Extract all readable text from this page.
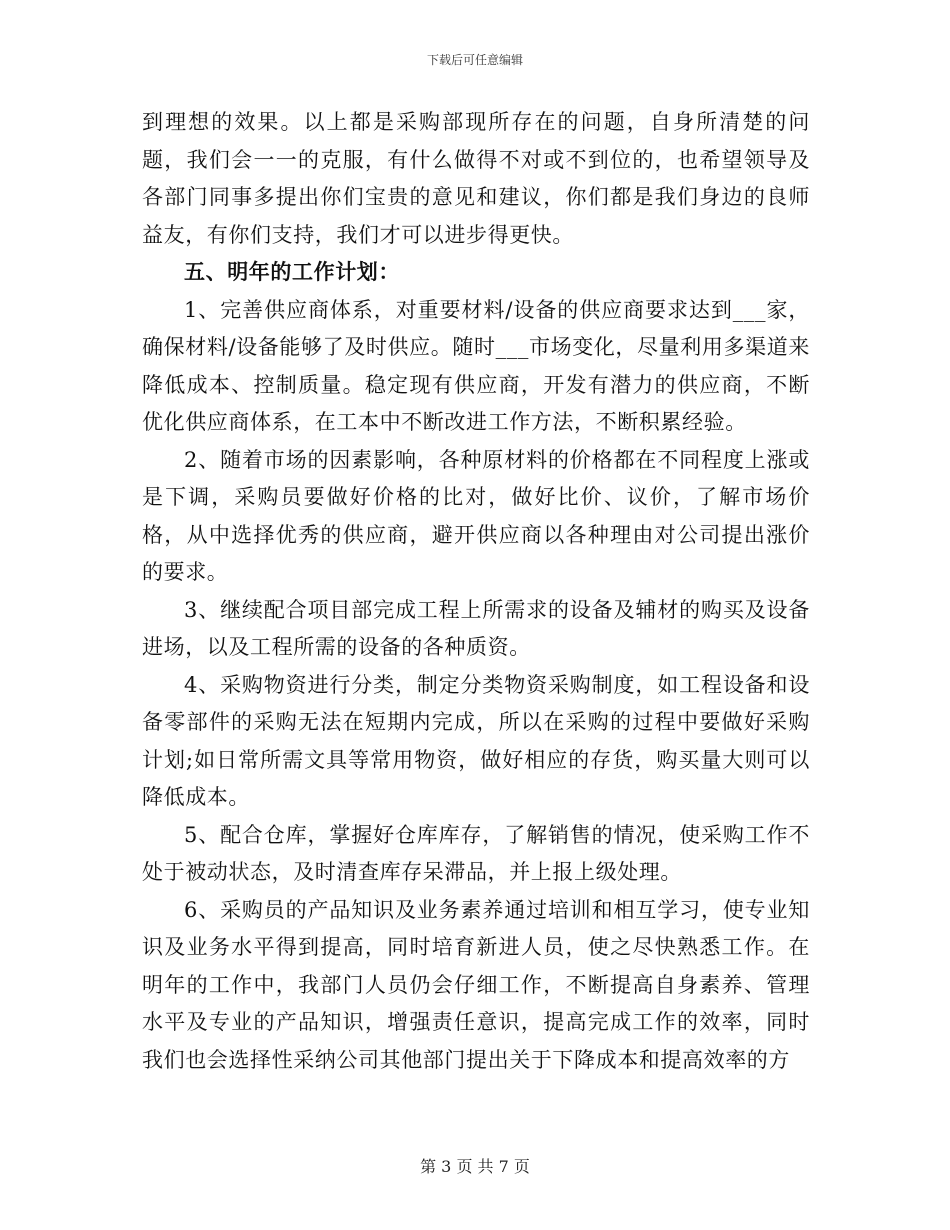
下载后可任意编辑

到理想的效果。以上都是采购部现所存在的问题，自身所清楚的问题，我们会一一的克服，有什么做得不对或不到位的，也希望领导及各部门同事多提出你们宝贵的意见和建议，你们都是我们身边的良师益友，有你们支持，我们才可以进步得更快。

五、明年的工作计划：

1、完善供应商体系，对重要材料/设备的供应商要求达到___家，确保材料/设备能够了及时供应。随时___市场变化，尽量利用多渠道来降低成本、控制质量。稳定现有供应商，开发有潜力的供应商，不断优化供应商体系，在工本中不断改进工作方法，不断积累经验。

2、随着市场的因素影响，各种原材料的价格都在不同程度上涨或是下调，采购员要做好价格的比对，做好比价、议价，了解市场价格，从中选择优秀的供应商，避开供应商以各种理由对公司提出涨价的要求。

3、继续配合项目部完成工程上所需求的设备及辅材的购买及设备进场，以及工程所需的设备的各种质资。

4、采购物资进行分类，制定分类物资采购制度，如工程设备和设备零部件的采购无法在短期内完成，所以在采购的过程中要做好采购计划;如日常所需文具等常用物资，做好相应的存货，购买量大则可以降低成本。

5、配合仓库，掌握好仓库库存，了解销售的情况，使采购工作不处于被动状态，及时清查库存呆滞品，并上报上级处理。

6、采购员的产品知识及业务素养通过培训和相互学习，使专业知识及业务水平得到提高，同时培育新进人员，使之尽快熟悉工作。在明年的工作中，我部门人员仍会仔细工作，不断提高自身素养、管理水平及专业的产品知识，增强责任意识，提高完成工作的效率，同时我们也会选择性采纳公司其他部门提出关于下降成本和提高效率的方

第 3 页 共 7 页
